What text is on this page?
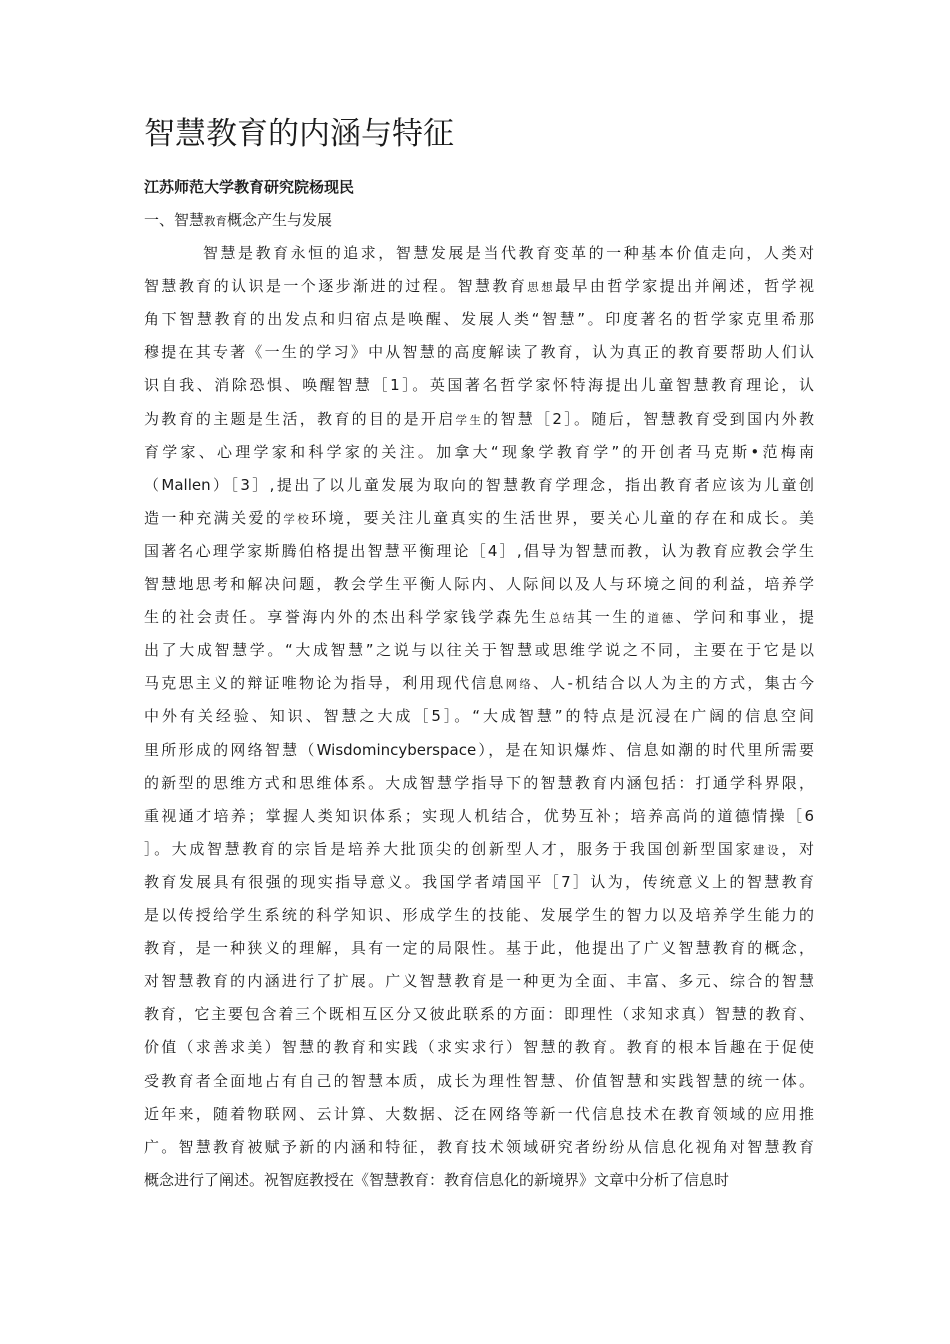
智慧教育的内涵与特征
江苏师范大学教育研究院杨现民
一、智慧教育概念产生与发展
智慧是教育永恒的追求，智慧发展是当代教育变革的一种基本价值走向，人类对
智慧教育的认识是一个逐步渐进的过程。智慧教育思想最早由哲学家提出并阐述，哲学视
角下智慧教育的出发点和归宿点是唤醒、发展人类“智慧”。印度著名的哲学家克里希那
穆提在其专著《一生的学习》中从智慧的高度解读了教育，认为真正的教育要帮助人们认
识自我、消除恐惧、唤醒智慧［1］。英国著名哲学家怀特海提出儿童智慧教育理论，认
为教育的主题是生活，教育的目的是开启学生的智慧［2］。随后，智慧教育受到国内外教
育学家、心理学家和科学家的关注。加拿大“现象学教育学”的开创者马克斯•范梅南
（Mallen）［3］,提出了以儿童发展为取向的智慧教育学理念，指出教育者应该为儿童创
造一种充满关爱的学校环境，要关注儿童真实的生活世界，要关心儿童的存在和成长。美
国著名心理学家斯腾伯格提出智慧平衡理论［4］,倡导为智慧而教，认为教育应教会学生
智慧地思考和解决问题，教会学生平衡人际内、人际间以及人与环境之间的利益，培养学
生的社会责任。享誉海内外的杰出科学家钱学森先生总结其一生的道德、学问和事业，提
出了大成智慧学。“大成智慧”之说与以往关于智慧或思维学说之不同，主要在于它是以
马克思主义的辩证唯物论为指导，利用现代信息网络、人-机结合以人为主的方式，集古今
中外有关经验、知识、智慧之大成［5］。“大成智慧”的特点是沉浸在广阔的信息空间
里所形成的网络智慧（Wisdomincyberspace），是在知识爆炸、信息如潮的时代里所需要
的新型的思维方式和思维体系。大成智慧学指导下的智慧教育内涵包括：打通学科界限，
重视通才培养；掌握人类知识体系；实现人机结合，优势互补；培养高尚的道德情操［6
］。大成智慧教育的宗旨是培养大批顶尖的创新型人才，服务于我国创新型国家建设，对
教育发展具有很强的现实指导意义。我国学者靖国平［7］认为，传统意义上的智慧教育
是以传授给学生系统的科学知识、形成学生的技能、发展学生的智力以及培养学生能力的
教育，是一种狭义的理解，具有一定的局限性。基于此，他提出了广义智慧教育的概念，
对智慧教育的内涵进行了扩展。广义智慧教育是一种更为全面、丰富、多元、综合的智慧
教育，它主要包含着三个既相互区分又彼此联系的方面：即理性（求知求真）智慧的教育、
价值（求善求美）智慧的教育和实践（求实求行）智慧的教育。教育的根本旨趣在于促使
受教育者全面地占有自己的智慧本质，成长为理性智慧、价值智慧和实践智慧的统一体。
近年来，随着物联网、云计算、大数据、泛在网络等新一代信息技术在教育领域的应用推
广。智慧教育被赋予新的内涵和特征，教育技术领域研究者纷纷从信息化视角对智慧教育
概念进行了阐述。祝智庭教授在《智慧教育：教育信息化的新境界》文章中分析了信息时
